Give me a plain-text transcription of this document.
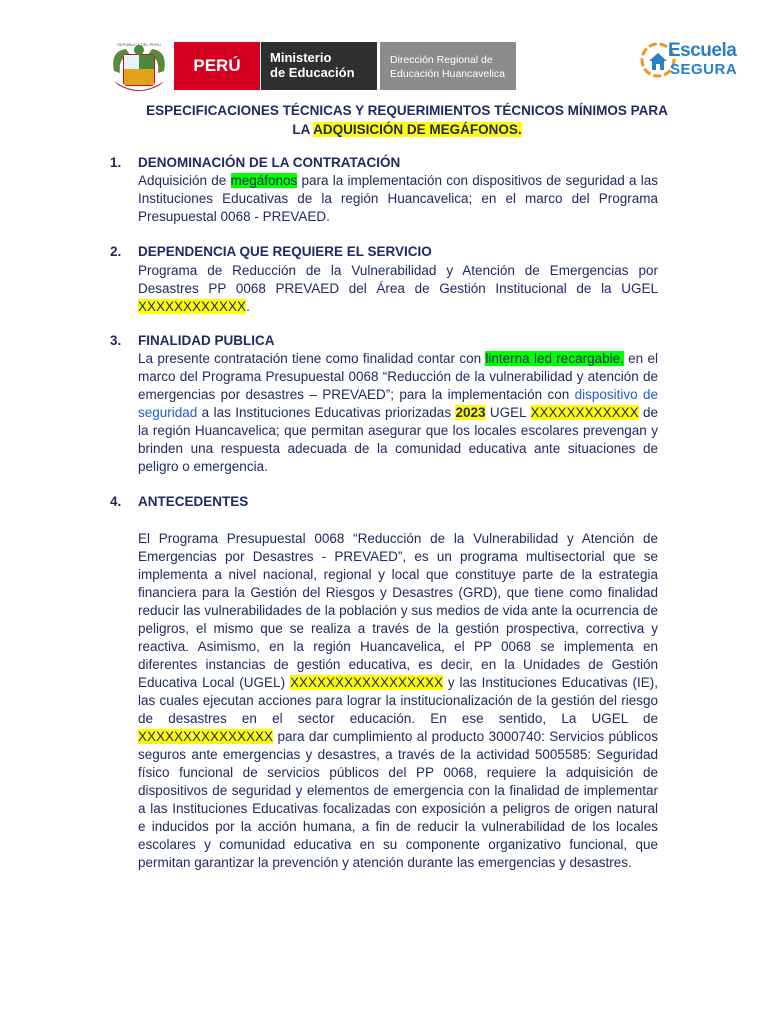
REPUBLICA DEL PERU
PERÚ	Ministerio
de Educación
Dirección Regional de
Educación Huancavelica
Escuela
SEGURA
ESPECIFICACIONES TÉCNICAS Y REQUERIMIENTOS TÉCNICOS MÍNIMOS PARA
LA ADQUISICIÓN DE MEGÁFONOS.
1. DENOMINACIÓN DE LA CONTRATACIÓN
Adquisición de megáfonos para la implementación con dispositivos de seguridad a las Instituciones Educativas de la región Huancavelica; en el marco del Programa Presupuestal 0068 - PREVAED.
2. DEPENDENCIA QUE REQUIERE EL SERVICIO
Programa de Reducción de la Vulnerabilidad y Atención de Emergencias por Desastres PP 0068 PREVAED del Área de Gestión Institucional de la UGEL XXXXXXXXXXXX.
3. FINALIDAD PUBLICA
La presente contratación tiene como finalidad contar con linterna led recargable, en el marco del Programa Presupuestal 0068 “Reducción de la vulnerabilidad y atención de emergencias por desastres – PREVAED”; para la implementación con dispositivo de seguridad a las Instituciones Educativas priorizadas 2023 UGEL XXXXXXXXXXXX de la región Huancavelica; que permitan asegurar que los locales escolares prevengan y brinden una respuesta adecuada de la comunidad educativa ante situaciones de peligro o emergencia.
4. ANTECEDENTES
El Programa Presupuestal 0068 “Reducción de la Vulnerabilidad y Atención de Emergencias por Desastres - PREVAED”, es un programa multisectorial que se implementa a nivel nacional, regional y local que constituye parte de la estrategia financiera para la Gestión del Riesgos y Desastres (GRD), que tiene como finalidad reducir las vulnerabilidades de la población y sus medios de vida ante la ocurrencia de peligros, el mismo que se realiza a través de la gestión prospectiva, correctiva y reactiva. Asimismo, en la región Huancavelica, el PP 0068 se implementa en diferentes instancias de gestión educativa, es decir, en la Unidades de Gestión Educativa Local (UGEL) XXXXXXXXXXXXXXXXX y las Instituciones Educativas (IE), las cuales ejecutan acciones para lograr la institucionalización de la gestión del riesgo de desastres en el sector educación. En ese sentido, La UGEL de XXXXXXXXXXXXXXX para dar cumplimiento al producto 3000740: Servicios públicos seguros ante emergencias y desastres, a través de la actividad 5005585: Seguridad físico funcional de servicios públicos del PP 0068, requiere la adquisición de dispositivos de seguridad y elementos de emergencia con la finalidad de implementar a las Instituciones Educativas focalizadas con exposición a peligros de origen natural e inducidos por la acción humana, a fin de reducir la vulnerabilidad de los locales escolares y comunidad educativa en su componente organizativo funcional, que permitan garantizar la prevención y atención durante las emergencias y desastres.
